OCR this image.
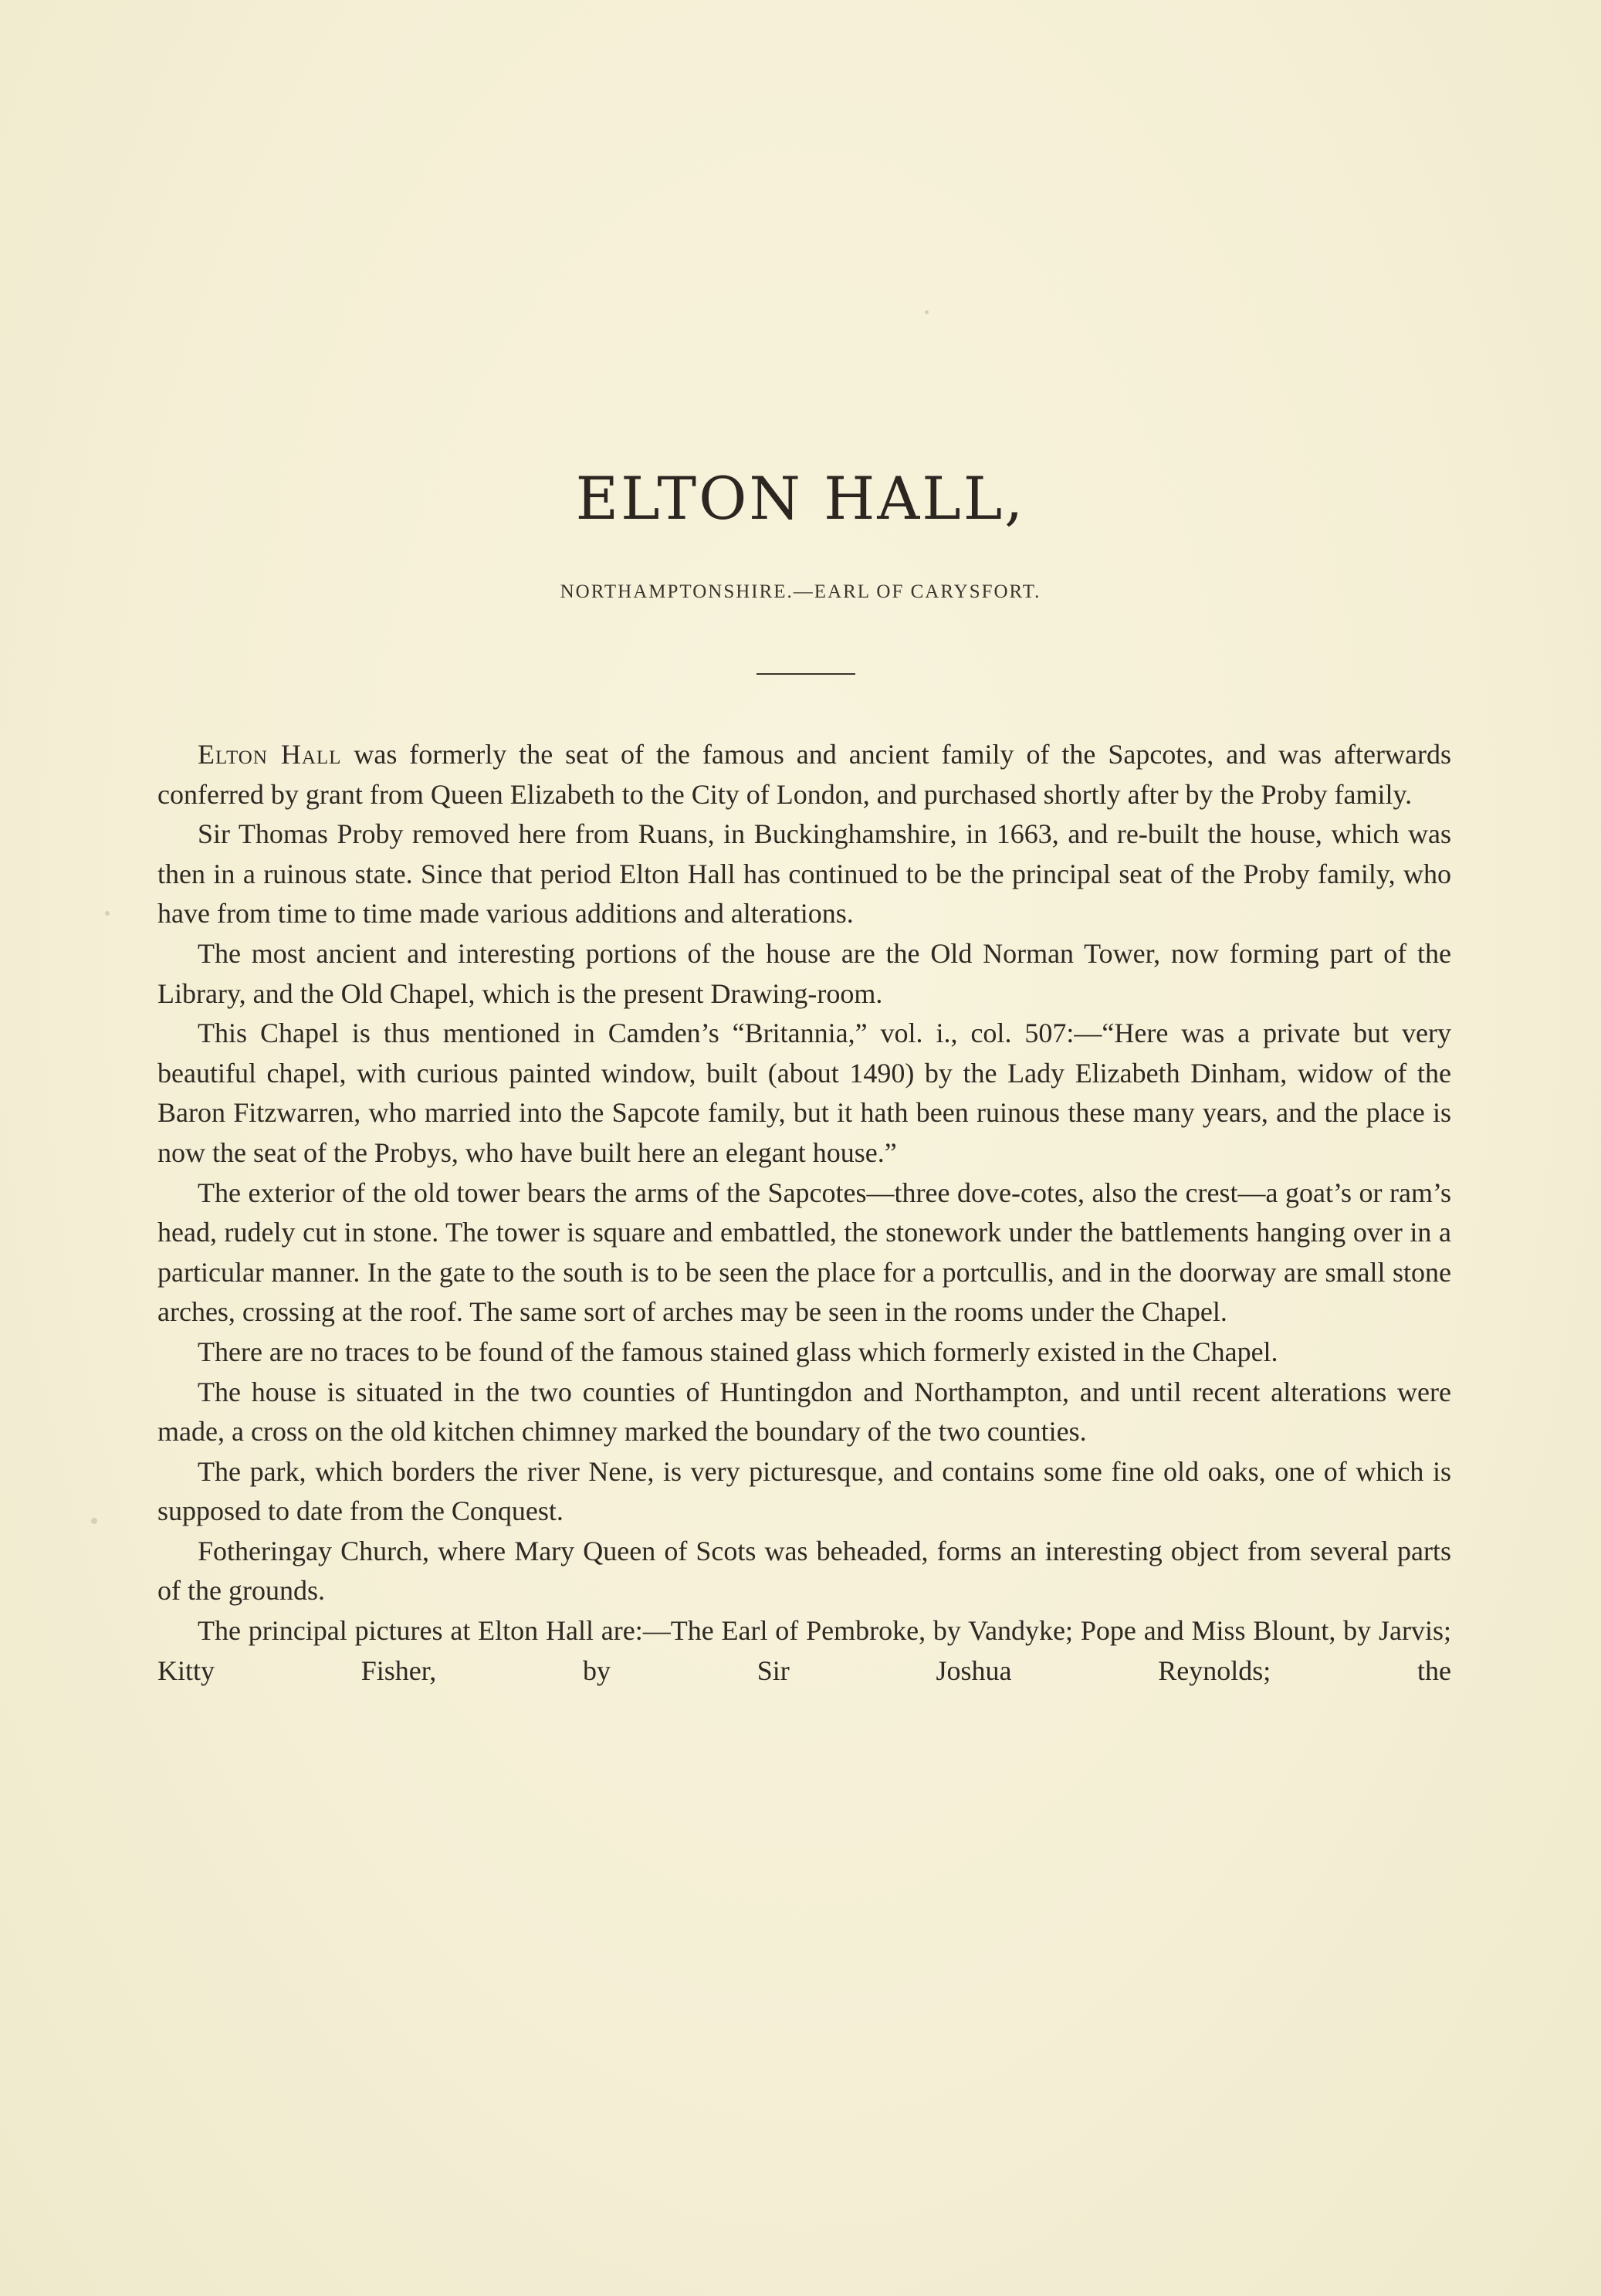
ELTON HALL,
NORTHAMPTONSHIRE.—EARL OF CARYSFORT.

Elton Hall was formerly the seat of the famous and ancient family of the Sapcotes, and was afterwards conferred by grant from Queen Elizabeth to the City of London, and purchased shortly after by the Proby family.

Sir Thomas Proby removed here from Ruans, in Buckinghamshire, in 1663, and re-built the house, which was then in a ruinous state. Since that period Elton Hall has continued to be the principal seat of the Proby family, who have from time to time made various additions and alterations.

The most ancient and interesting portions of the house are the Old Norman Tower, now forming part of the Library, and the Old Chapel, which is the present Drawing-room.

This Chapel is thus mentioned in Camden’s “Britannia,” vol. i., col. 507:—“Here was a private but very beautiful chapel, with curious painted window, built (about 1490) by the Lady Elizabeth Dinham, widow of the Baron Fitzwarren, who married into the Sapcote family, but it hath been ruinous these many years, and the place is now the seat of the Probys, who have built here an elegant house.”

The exterior of the old tower bears the arms of the Sapcotes—three dove-cotes, also the crest—a goat’s or ram’s head, rudely cut in stone. The tower is square and embattled, the stonework under the battlements hanging over in a particular manner. In the gate to the south is to be seen the place for a portcullis, and in the doorway are small stone arches, crossing at the roof. The same sort of arches may be seen in the rooms under the Chapel.

There are no traces to be found of the famous stained glass which formerly existed in the Chapel.

The house is situated in the two counties of Huntingdon and Northampton, and until recent alterations were made, a cross on the old kitchen chimney marked the boundary of the two counties.

The park, which borders the river Nene, is very picturesque, and contains some fine old oaks, one of which is supposed to date from the Conquest.

Fotheringay Church, where Mary Queen of Scots was beheaded, forms an interesting object from several parts of the grounds.

The principal pictures at Elton Hall are:—The Earl of Pembroke, by Vandyke; Pope and Miss Blount, by Jarvis; Kitty Fisher, by Sir Joshua Reynolds; the
